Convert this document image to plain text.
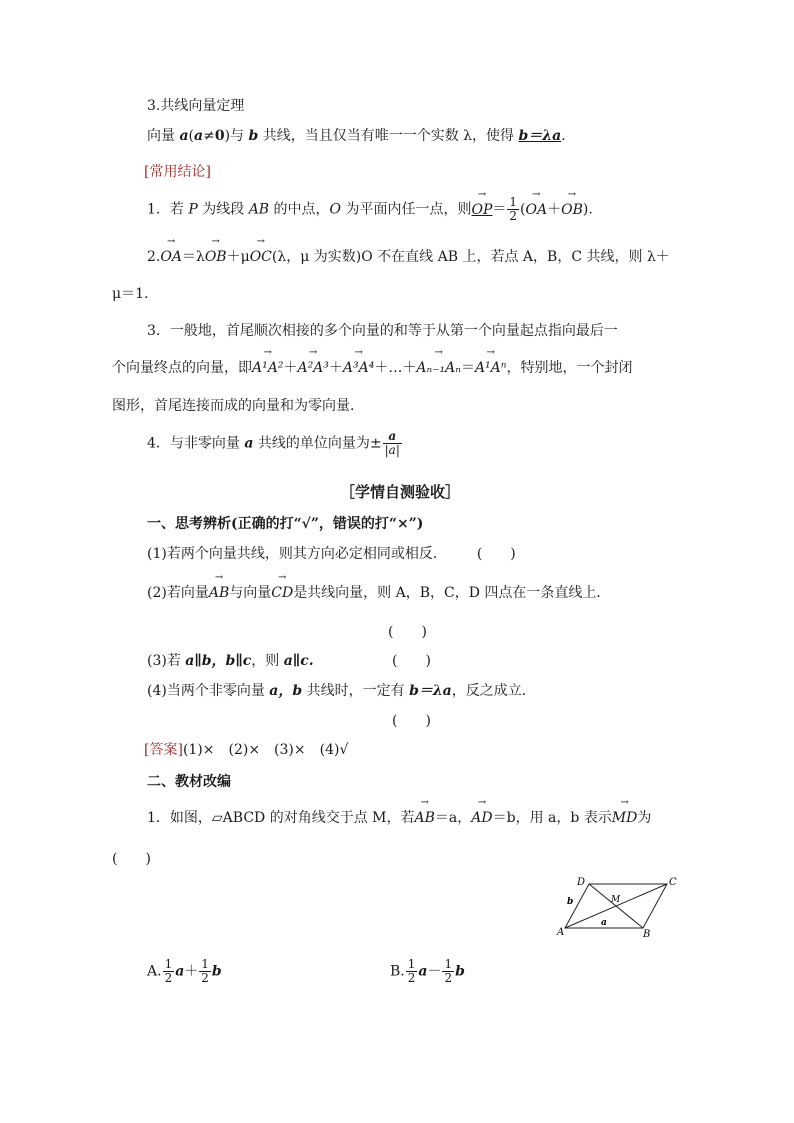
3.共线向量定理
向量 a(a≠0)与 b 共线，当且仅当有唯一一个实数 λ，使得 b＝λa.
[常用结论]
1．若 P 为线段 AB 的中点，O 为平面内任一点，则→ $OP= \frac{1}{2}$ (→ OA＋→ OB).
2.→ OA＝λ→ OB＋μ→ OC(λ，μ 为实数)O 不在直线 AB 上，若点 A，B，C 共线，则 λ＋
μ＝1.
3．一般地，首尾顺次相接的多个向量的和等于从第一个向量起点指向最后一
个向量终点的向量，即→ A¹A²＋→ A²A³＋→ A³A⁴＋…＋→ Aₙ₋₁Aₙ＝→ A¹Aⁿ，特别地，一个封闭
图形，首尾连接而成的向量和为零向量.
4．与非零向量 a 共线的单位向量为± $\frac{a}{|a|}$
［学情自测验收］
一、思考辨析(正确的打“√”，错误的打“×”)
(1)若两个向量共线，则其方向必定相同或相反． (　　)
(2)若向量→ AB与向量→ CD是共线向量，则 A，B，C，D 四点在一条直线上．
(　　)
(3)若 a∥b，b∥c，则 a∥c.	(　　)
(4)当两个非零向量 a，b 共线时，一定有 b＝λa，反之成立．
(　　)
[答案](1)×　(2)×　(3)×　(4)√
二、教材改编
1．如图，▱ABCD 的对角线交于点 M，若→ AB＝a，→ AD＝b，用 a，b 表示→ MD为
(　　)
A	B
C
D
M
a
b
A. $\frac{1}{2} a+ \frac{1}{2}$ b	B. $\frac{1}{2} a- \frac{1}{2}$ b
